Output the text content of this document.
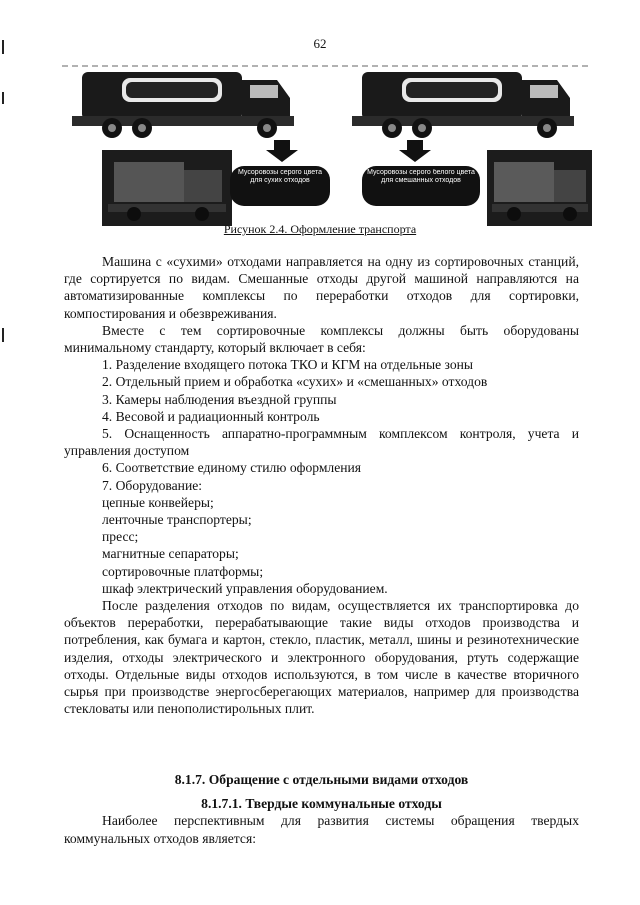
62
Мусоровозы серого цвета для сухих отходов
Мусоровозы серого белого цвета для смешанных отходов
Рисунок 2.4. Оформление транспорта

Машина с «сухими» отходами направляется на одну из сортировочных станций, где сортируется по видам. Смешанные отходы другой машиной направляются на автоматизированные комплексы по переработки отходов для сортировки, компостирования и обезвреживания.

Вместе с тем сортировочные комплексы должны быть оборудованы минимальному стандарту, который включает в себя:

1. Разделение входящего потока ТКО и КГМ на отдельные зоны

2. Отдельный прием и обработка «сухих» и «смешанных» отходов

3. Камеры наблюдения въездной группы

4. Весовой и радиационный контроль

5. Оснащенность аппаратно-программным комплексом контроля, учета и управления доступом

6. Соответствие единому стилю оформления

7. Оборудование:

цепные конвейеры;

ленточные транспортеры;

пресс;

магнитные сепараторы;

сортировочные платформы;

шкаф электрический управления оборудованием.

После разделения отходов по видам, осуществляется их транспортировка до объектов переработки, перерабатывающие такие виды отходов производства и потребления, как бумага и картон, стекло, пластик, металл, шины и резинотехнические изделия, отходы электрического и электронного оборудования, ртуть содержащие отходы. Отдельные виды отходов используются, в том числе в качестве вторичного сырья при производстве энергосберегающих материалов, например для производства стекловаты или пенополистирольных плит.

8.1.7. Обращение с отдельными видами отходов
8.1.7.1. Твердые коммунальные отходы

Наиболее перспективным для развития системы обращения твердых коммунальных отходов является:
